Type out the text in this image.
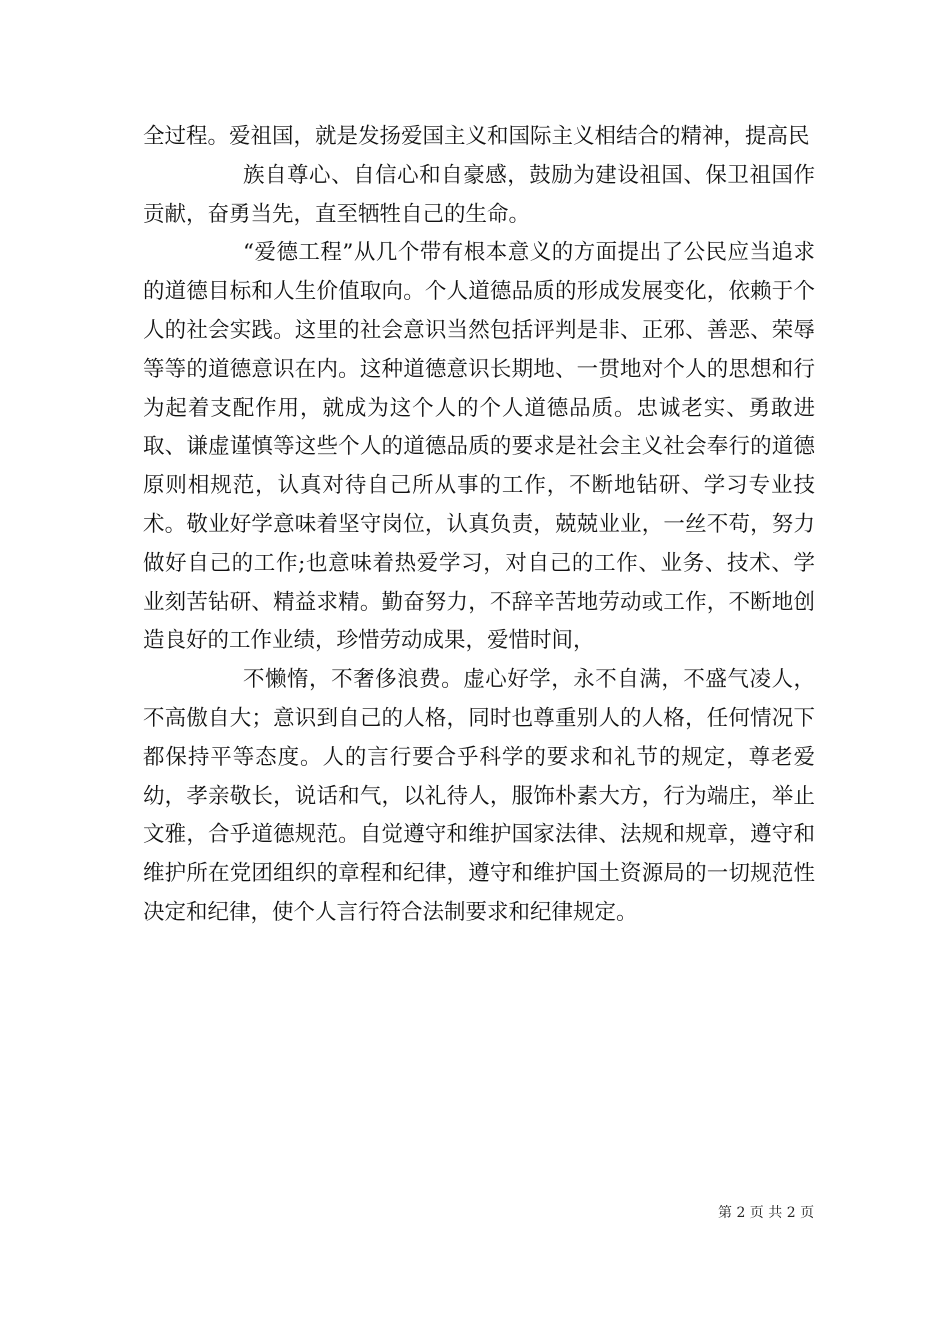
全过程。爱祖国，就是发扬爱国主义和国际主义相结合的精神，提高民

族自尊心、自信心和自豪感，鼓励为建设祖国、保卫祖国作贡献，奋勇当先，直至牺牲自己的生命。

“爱德工程”从几个带有根本意义的方面提出了公民应当追求的道德目标和人生价值取向。个人道德品质的形成发展变化，依赖于个人的社会实践。这里的社会意识当然包括评判是非、正邪、善恶、荣辱等等的道德意识在内。这种道德意识长期地、一贯地对个人的思想和行为起着支配作用，就成为这个人的个人道德品质。忠诚老实、勇敢进取、谦虚谨慎等这些个人的道德品质的要求是社会主义社会奉行的道德原则相规范，认真对待自己所从事的工作，不断地钻研、学习专业技术。敬业好学意味着坚守岗位，认真负责，兢兢业业，一丝不苟，努力做好自己的工作;也意味着热爱学习，对自己的工作、业务、技术、学业刻苦钻研、精益求精。勤奋努力，不辞辛苦地劳动或工作，不断地创造良好的工作业绩，珍惜劳动成果，爱惜时间，

不懒惰，不奢侈浪费。虚心好学，永不自满，不盛气凌人，不高傲自大；意识到自己的人格，同时也尊重别人的人格，任何情况下都保持平等态度。人的言行要合乎科学的要求和礼节的规定，尊老爱幼，孝亲敬长，说话和气，以礼待人，服饰朴素大方，行为端庄，举止文雅，合乎道德规范。自觉遵守和维护国家法律、法规和规章，遵守和维护所在党团组织的章程和纪律，遵守和维护国土资源局的一切规范性决定和纪律，使个人言行符合法制要求和纪律规定。

第 2 页 共 2 页
